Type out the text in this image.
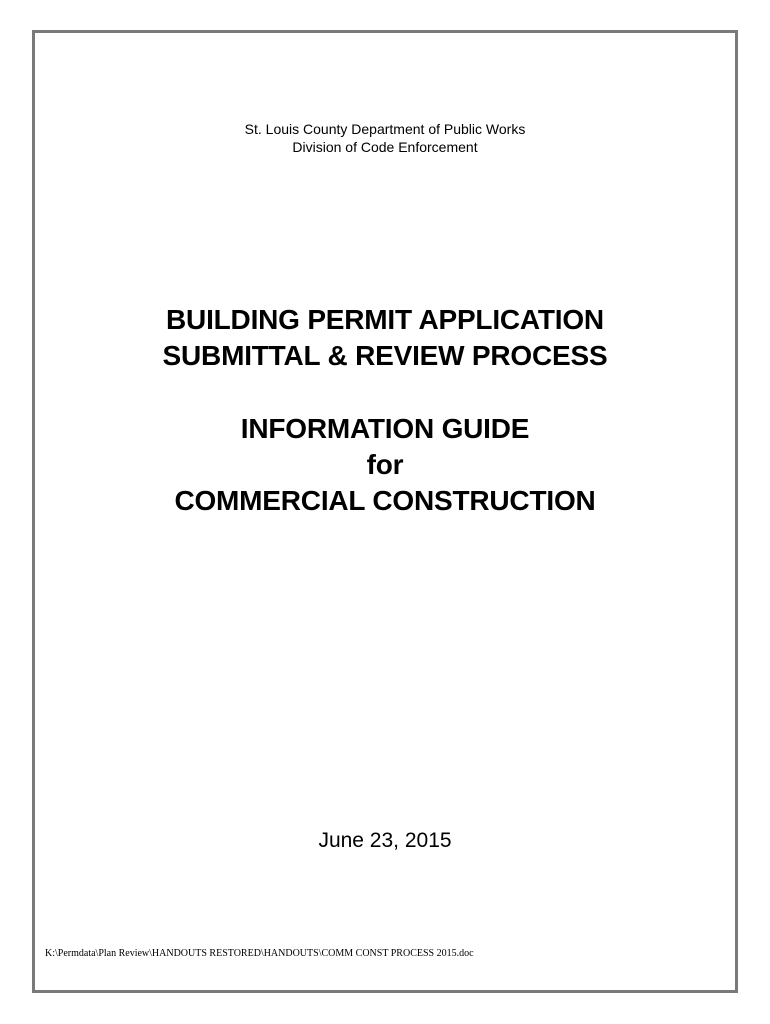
St. Louis County Department of Public Works
Division of Code Enforcement
BUILDING PERMIT APPLICATION
SUBMITTAL & REVIEW PROCESS
INFORMATION GUIDE
for
COMMERCIAL CONSTRUCTION
June 23, 2015
K:\Permdata\Plan Review\HANDOUTS RESTORED\HANDOUTS\COMM CONST PROCESS 2015.doc
